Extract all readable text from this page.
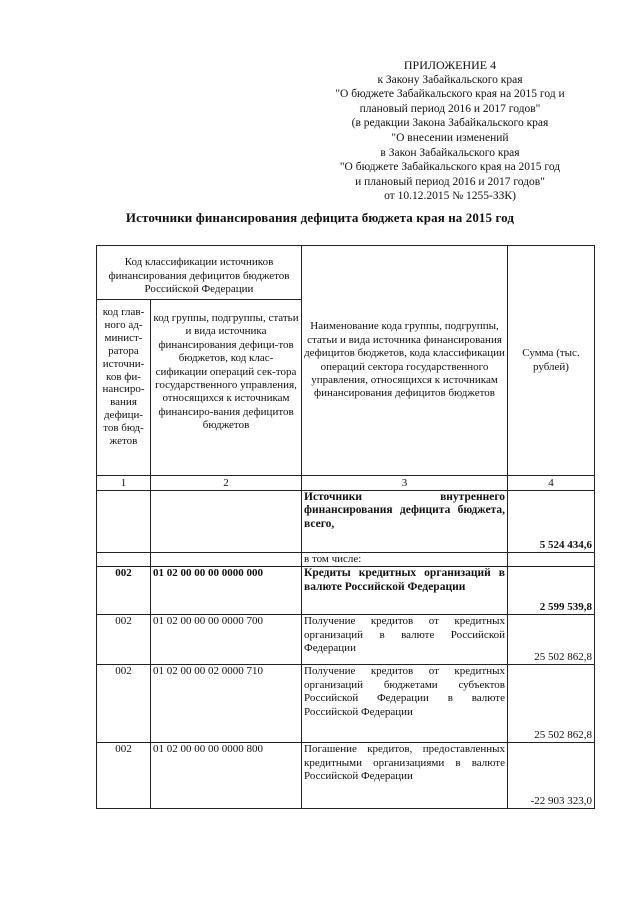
ПРИЛОЖЕНИЕ 4
к Закону Забайкальского края
"О бюджете Забайкальского края на 2015 год и
плановый период 2016 и 2017 годов"
(в редакции Закона Забайкальского края
"О внесении изменений
в Закон Забайкальского края
"О бюджете Забайкальского края на 2015 год
и плановый период 2016 и 2017 годов"
от 10.12.2015 № 1255-ЗЗК)
Источники финансирования дефицита бюджета края на 2015 год
Код классификации источников финансирования дефицитов бюджетов Российской Федерации		Наименование кода группы, подгруппы, статьи и вида источника финансирования дефицитов бюджетов, кода классификации операций сектора государственного управления, относящихся к источникам финансирования дефицитов бюджетов	Сумма (тыс. рублей)
код глав-ного ад-минист-ратора источни-ков фи-нансиро-вания дефици-тов бюд-жетов	код группы, подгруппы, статьи и вида источника финансирования дефици-тов бюджетов, код клас-сификации операций сек-тора государственного управления, относящихся к источникам финансиро-вания дефицитов бюджетов		
1	2	3	4
		Источники внутреннего финансирования дефицита бюджета, всего,	5 524 434,6
		в том числе:	
002	01 02 00 00 00 0000 000	Кредиты кредитных организаций в валюте Российской Федерации	2 599 539,8
002	01 02 00 00 00 0000 700	Получение кредитов от кредитных организаций в валюте Российской Федерации	25 502 862,8
002	01 02 00 00 02 0000 710	Получение кредитов от кредитных организаций бюджетами субъектов Российской Федерации в валюте Российской Федерации	25 502 862,8
002	01 02 00 00 00 0000 800	Погашение кредитов, предоставленных кредитными организациями в валюте Российской Федерации	-22 903 323,0
